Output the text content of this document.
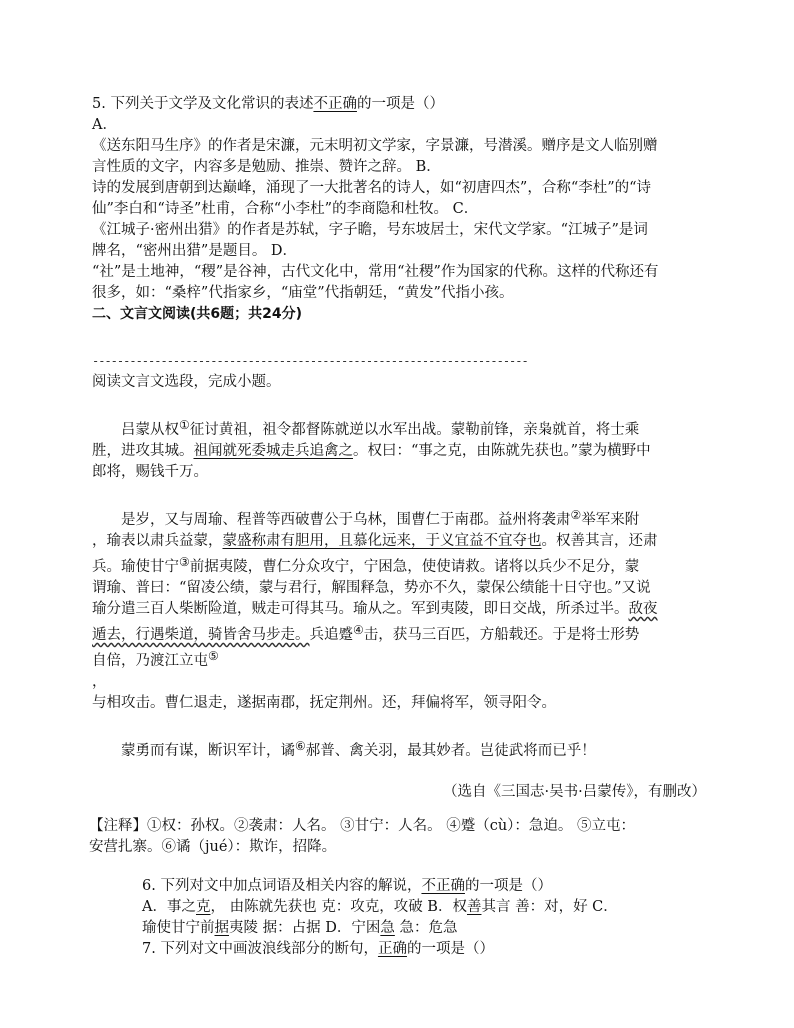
5. 下列关于文学及文化常识的表述不正确的一项是（）
A．
《送东阳马生序》的作者是宋濂，元末明初文学家，字景濂，号潜溪。赠序是文人临别赠
言性质的文字，内容多是勉励、推崇、赞许之辞。 B．
诗的发展到唐朝到达巅峰，涌现了一大批著名的诗人，如“初唐四杰”，合称“李杜”的“诗
仙”李白和“诗圣”杜甫，合称“小李杜”的李商隐和杜牧。 C．
《江城子·密州出猎》的作者是苏轼，字子瞻，号东坡居士，宋代文学家。“江城子”是词
牌名，“密州出猎”是题目。 D．
“社”是土地神，“稷”是谷神，古代文化中，常用“社稷”作为国家的代称。这样的代称还有
很多，如：“桑梓”代指家乡，“庙堂”代指朝廷，“黄发”代指小孩。
二、文言文阅读(共6题；共24分)
----------------------------------------------------------------------
阅读文言文选段，完成小题。
吕蒙从权①征讨黄祖，祖令都督陈就逆以水军出战。蒙勒前锋，亲枭就首，将士乘
胜，进攻其城。祖闻就死委城走兵追禽之。权曰：“事之克，由陈就先获也。”蒙为横野中
郎将，赐钱千万。
是岁，又与周瑜、程普等西破曹公于乌林，围曹仁于南郡。益州将袭肃②举军来附
，瑜表以肃兵益蒙，蒙盛称肃有胆用，且慕化远来，于义宜益不宜夺也。权善其言，还肃
兵。瑜使甘宁③前据夷陵，曹仁分众攻宁，宁困急，使使请救。诸将以兵少不足分，蒙
谓瑜、普曰：“留凌公绩，蒙与君行，解围释急，势亦不久，蒙保公绩能十日守也。”又说
瑜分遣三百人柴断险道，贼走可得其马。瑜从之。军到夷陵，即日交战，所杀过半。敌夜
遁去，行遇柴道，骑皆舍马步走。兵追蹙④击，获马三百匹，方船载还。于是将士形势
自倍，乃渡江立屯⑤
，
与相攻击。曹仁退走，遂据南郡，抚定荆州。还，拜偏将军，领寻阳令。
蒙勇而有谋，断识军计，谲⑥郝普、禽关羽，最其妙者。岂徒武将而已乎！
（选自《三国志·吴书·吕蒙传》，有删改）
【注释】①权：孙权。②袭肃：人名。 ③甘宁：人名。 ④蹙（cù）：急迫。 ⑤立屯：
安营扎寨。⑥谲（jué）：欺诈，招降。
6. 下列对文中加点词语及相关内容的解说，不正确的一项是（）
A．事之克， 由陈就先获也 克：攻克，攻破 B．权善其言 善：对，好 C．
瑜使甘宁前据夷陵 据：占据 D．宁困急 急：危急
7. 下列对文中画波浪线部分的断句，正确的一项是（）
